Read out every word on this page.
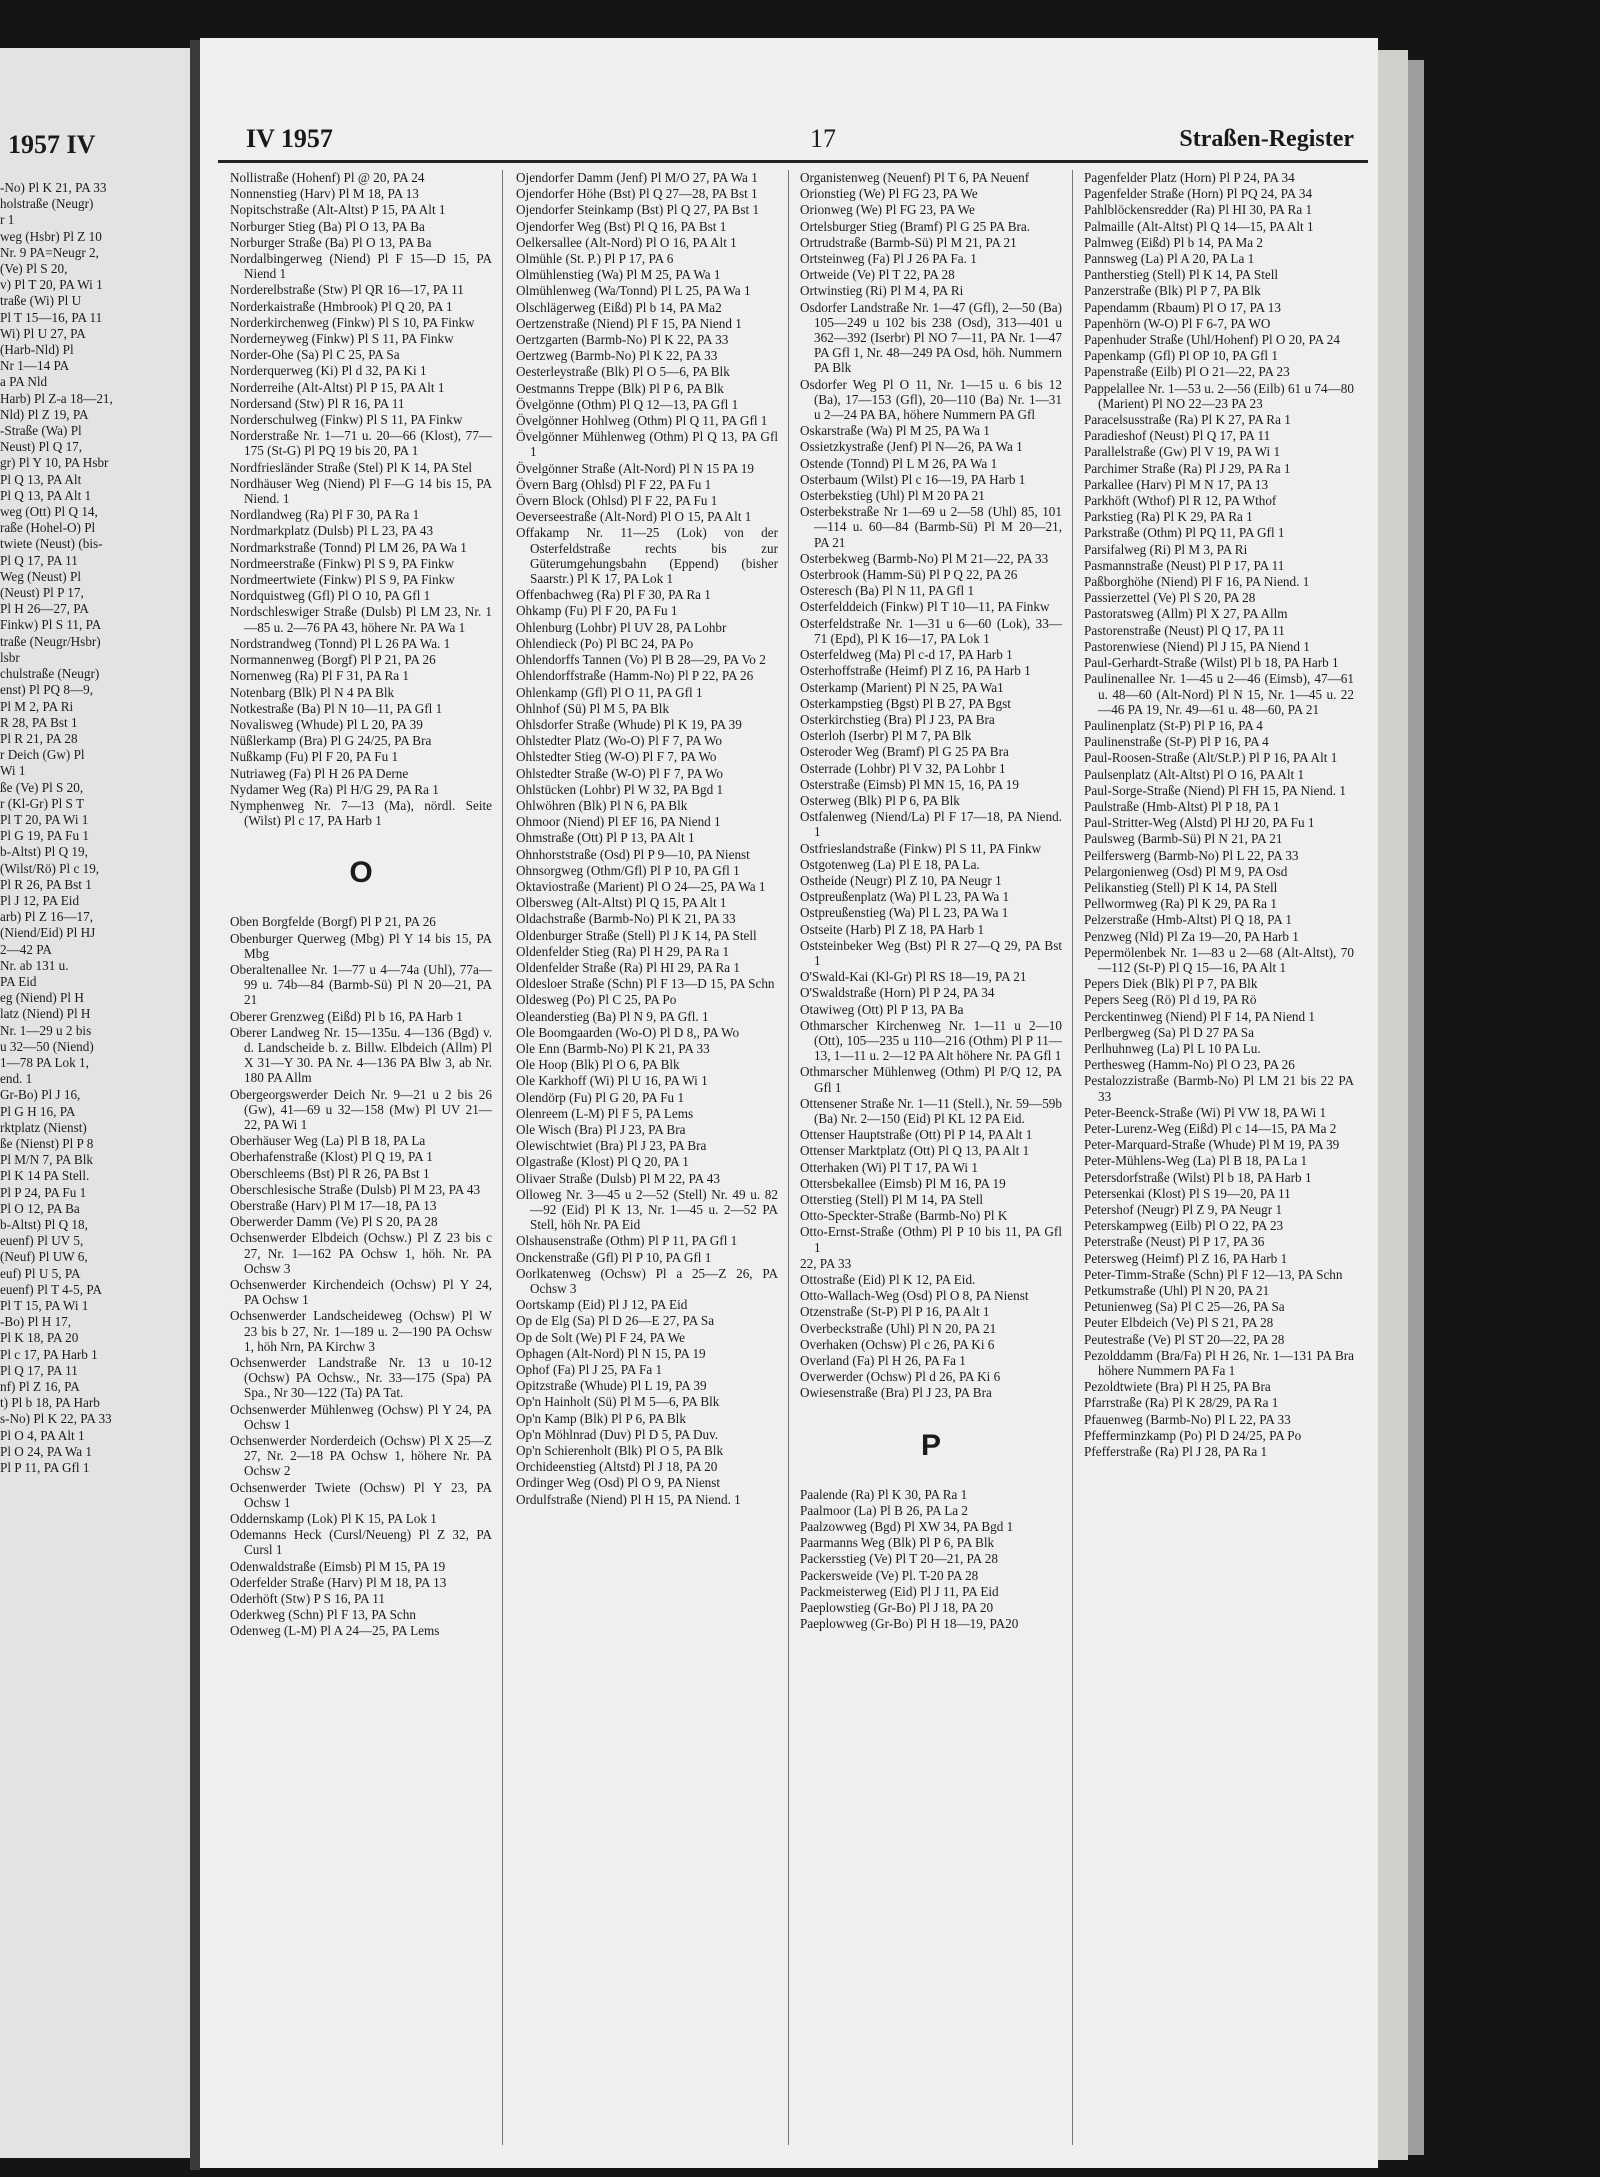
1957 IV
-No) Pl K 21, PA 33
holstraße (Neugr)
r 1
weg (Hsbr) Pl Z 10
Nr. 9 PA=Neugr 2,
(Ve) Pl S 20,
v) Pl T 20, PA Wi 1
traße (Wi) Pl U
Pl T 15—16, PA 11
Wi) Pl U 27, PA
(Harb-Nld) Pl
Nr 1—14 PA
a PA Nld
Harb) Pl Z-a 18—21,
Nld) Pl Z 19, PA
-Straße (Wa) Pl
Neust) Pl Q 17,
gr) Pl Y 10, PA Hsbr
Pl Q 13, PA Alt
Pl Q 13, PA Alt 1
weg (Ott) Pl Q 14,
raße (Hohel-O) Pl
twiete (Neust) (bis-
Pl Q 17, PA 11
Weg (Neust) Pl
(Neust) Pl P 17,
Pl H 26—27, PA
Finkw) Pl S 11, PA
traße (Neugr/Hsbr)
lsbr
chulstraße (Neugr)
enst) Pl PQ 8—9,
Pl M 2, PA Ri
R 28, PA Bst 1
Pl R 21, PA 28
r Deich (Gw) Pl
Wi 1
ße (Ve) Pl S 20,
r (Kl-Gr) Pl S T
Pl T 20, PA Wi 1
Pl G 19, PA Fu 1
b-Altst) Pl Q 19,
(Wilst/Rö) Pl c 19,
Pl R 26, PA Bst 1
Pl J 12, PA Eid
arb) Pl Z 16—17,
(Niend/Eid) Pl HJ
2—42 PA
Nr. ab 131 u.
PA Eid
eg (Niend) Pl H
latz (Niend) Pl H
Nr. 1—29 u 2 bis
u 32—50 (Niend)
1—78 PA Lok 1,
end. 1
Gr-Bo) Pl J 16,
Pl G H 16, PA
rktplatz (Nienst)
ße (Nienst) Pl P 8
Pl M/N 7, PA Blk
Pl K 14 PA Stell.
Pl P 24, PA Fu 1
Pl O 12, PA Ba
b-Altst) Pl Q 18,
euenf) Pl UV 5,
(Neuf) Pl UW 6,
euf) Pl U 5, PA
euenf) Pl T 4-5, PA
Pl T 15, PA Wi 1
-Bo) Pl H 17,
Pl K 18, PA 20
Pl c 17, PA Harb 1
Pl Q 17, PA 11
nf) Pl Z 16, PA
t) Pl b 18, PA Harb
s-No) Pl K 22, PA 33
Pl O 4, PA Alt 1
Pl O 24, PA Wa 1
Pl P 11, PA Gfl 1
IV 1957	17	Straßen-Register
Nollistraße (Hohenf) Pl @ 20, PA 24
Nonnenstieg (Harv) Pl M 18, PA 13
Nopitschstraße (Alt-Altst) P 15, PA Alt 1
Norburger Stieg (Ba) Pl O 13, PA Ba
Norburger Straße (Ba) Pl O 13, PA Ba
Nordalbingerweg (Niend) Pl F 15—D 15, PA Niend 1
Norderelbstraße (Stw) Pl QR 16—17, PA 11
Norderkaistraße (Hmbrook) Pl Q 20, PA 1
Norderkirchenweg (Finkw) Pl S 10, PA Finkw
Norderneyweg (Finkw) Pl S 11, PA Finkw
Norder-Ohe (Sa) Pl C 25, PA Sa
Norderquerweg (Ki) Pl d 32, PA Ki 1
Norderreihe (Alt-Altst) Pl P 15, PA Alt 1
Nordersand (Stw) Pl R 16, PA 11
Norderschulweg (Finkw) Pl S 11, PA Finkw
Norderstraße Nr. 1—71 u. 20—66 (Klost), 77—175 (St-G) Pl PQ 19 bis 20, PA 1
Nordfriesländer Straße (Stel) Pl K 14, PA Stel
Nordhäuser Weg (Niend) Pl F—G 14 bis 15, PA Niend. 1
Nordlandweg (Ra) Pl F 30, PA Ra 1
Nordmarkplatz (Dulsb) Pl L 23, PA 43
Nordmarkstraße (Tonnd) Pl LM 26, PA Wa 1
Nordmeerstraße (Finkw) Pl S 9, PA Finkw
Nordmeertwiete (Finkw) Pl S 9, PA Finkw
Nordquistweg (Gfl) Pl O 10, PA Gfl 1
Nordschleswiger Straße (Dulsb) Pl LM 23, Nr. 1—85 u. 2—76 PA 43, höhere Nr. PA Wa 1
Nordstrandweg (Tonnd) Pl L 26 PA Wa. 1
Normannenweg (Borgf) Pl P 21, PA 26
Nornenweg (Ra) Pl F 31, PA Ra 1
Notenbarg (Blk) Pl N 4 PA Blk
Notkestraße (Ba) Pl N 10—11, PA Gfl 1
Novalisweg (Whude) Pl L 20, PA 39
Nüßlerkamp (Bra) Pl G 24/25, PA Bra
Nußkamp (Fu) Pl F 20, PA Fu 1
Nutriaweg (Fa) Pl H 26 PA Derne
Nydamer Weg (Ra) Pl H/G 29, PA Ra 1
Nymphenweg Nr. 7—13 (Ma), nördl. Seite (Wilst) Pl c 17, PA Harb 1
O
Oben Borgfelde (Borgf) Pl P 21, PA 26
Obenburger Querweg (Mbg) Pl Y 14 bis 15, PA Mbg
Oberaltenallee Nr. 1—77 u 4—74a (Uhl), 77a—99 u. 74b—84 (Barmb-Sü) Pl N 20—21, PA 21
Oberer Grenzweg (Eißd) Pl b 16, PA Harb 1
Oberer Landweg Nr. 15—135u. 4—136 (Bgd) v. d. Landscheide b. z. Billw. Elbdeich (Allm) Pl X 31—Y 30. PA Nr. 4—136 PA Blw 3, ab Nr. 180 PA Allm
Obergeorgswerder Deich Nr. 9—21 u 2 bis 26 (Gw), 41—69 u 32—158 (Mw) Pl UV 21—22, PA Wi 1
Oberhäuser Weg (La) Pl B 18, PA La
Oberhafenstraße (Klost) Pl Q 19, PA 1
Oberschleems (Bst) Pl R 26, PA Bst 1
Oberschlesische Straße (Dulsb) Pl M 23, PA 43
Oberstraße (Harv) Pl M 17—18, PA 13
Oberwerder Damm (Ve) Pl S 20, PA 28
Ochsenwerder Elbdeich (Ochsw.) Pl Z 23 bis c 27, Nr. 1—162 PA Ochsw 1, höh. Nr. PA Ochsw 3
Ochsenwerder Kirchendeich (Ochsw) Pl Y 24, PA Ochsw 1
Ochsenwerder Landscheideweg (Ochsw) Pl W 23 bis b 27, Nr. 1—189 u. 2—190 PA Ochsw 1, höh Nrn, PA Kirchw 3
Ochsenwerder Landstraße Nr. 13 u 10-12 (Ochsw) PA Ochsw., Nr. 33—175 (Spa) PA Spa., Nr 30—122 (Ta) PA Tat.
Ochsenwerder Mühlenweg (Ochsw) Pl Y 24, PA Ochsw 1
Ochsenwerder Norderdeich (Ochsw) Pl X 25—Z 27, Nr. 2—18 PA Ochsw 1, höhere Nr. PA Ochsw 2
Ochsenwerder Twiete (Ochsw) Pl Y 23, PA Ochsw 1
Oddernskamp (Lok) Pl K 15, PA Lok 1
Odemanns Heck (Cursl/Neueng) Pl Z 32, PA Cursl 1
Odenwaldstraße (Eimsb) Pl M 15, PA 19
Oderfelder Straße (Harv) Pl M 18, PA 13
Oderhöft (Stw) P S 16, PA 11
Oderkweg (Schn) Pl F 13, PA Schn
Odenweg (L-M) Pl A 24—25, PA Lems
Ojendorfer Damm (Jenf) Pl M/O 27, PA Wa 1
Ojendorfer Höhe (Bst) Pl Q 27—28, PA Bst 1
Ojendorfer Steinkamp (Bst) Pl Q 27, PA Bst 1
Ojendorfer Weg (Bst) Pl Q 16, PA Bst 1
Oelkersallee (Alt-Nord) Pl O 16, PA Alt 1
Olmühle (St. P.) Pl P 17, PA 6
Olmühlenstieg (Wa) Pl M 25, PA Wa 1
Olmühlenweg (Wa/Tonnd) Pl L 25, PA Wa 1
Olschlägerweg (Eißd) Pl b 14, PA Ma2
Oertzenstraße (Niend) Pl F 15, PA Niend 1
Oertzgarten (Barmb-No) Pl K 22, PA 33
Oertzweg (Barmb-No) Pl K 22, PA 33
Oesterleystraße (Blk) Pl O 5—6, PA Blk
Oestmanns Treppe (Blk) Pl P 6, PA Blk
Övelgönne (Othm) Pl Q 12—13, PA Gfl 1
Övelgönner Hohlweg (Othm) Pl Q 11, PA Gfl 1
Övelgönner Mühlenweg (Othm) Pl Q 13, PA Gfl 1
Övelgönner Straße (Alt-Nord) Pl N 15 PA 19
Övern Barg (Ohlsd) Pl F 22, PA Fu 1
Övern Block (Ohlsd) Pl F 22, PA Fu 1
Oeverseestraße (Alt-Nord) Pl O 15, PA Alt 1
Offakamp Nr. 11—25 (Lok) von der Osterfeldstraße rechts bis zur Güterumgehungsbahn (Eppend) (bisher Saarstr.) Pl K 17, PA Lok 1
Offenbachweg (Ra) Pl F 30, PA Ra 1
Ohkamp (Fu) Pl F 20, PA Fu 1
Ohlenburg (Lohbr) Pl UV 28, PA Lohbr
Ohlendieck (Po) Pl BC 24, PA Po
Ohlendorffs Tannen (Vo) Pl B 28—29, PA Vo 2
Ohlendorffstraße (Hamm-No) Pl P 22, PA 26
Ohlenkamp (Gfl) Pl O 11, PA Gfl 1
Ohlnhof (Sü) Pl M 5, PA Blk
Ohlsdorfer Straße (Whude) Pl K 19, PA 39
Ohlstedter Platz (Wo-O) Pl F 7, PA Wo
Ohlstedter Stieg (W-O) Pl F 7, PA Wo
Ohlstedter Straße (W-O) Pl F 7, PA Wo
Ohlstücken (Lohbr) Pl W 32, PA Bgd 1
Ohlwöhren (Blk) Pl N 6, PA Blk
Ohmoor (Niend) Pl EF 16, PA Niend 1
Ohmstraße (Ott) Pl P 13, PA Alt 1
Ohnhorststraße (Osd) Pl P 9—10, PA Nienst
Ohnsorgweg (Othm/Gfl) Pl P 10, PA Gfl 1
Oktaviostraße (Marient) Pl O 24—25, PA Wa 1
Olbersweg (Alt-Altst) Pl Q 15, PA Alt 1
Oldachstraße (Barmb-No) Pl K 21, PA 33
Oldenburger Straße (Stell) Pl J K 14, PA Stell
Oldenfelder Stieg (Ra) Pl H 29, PA Ra 1
Oldenfelder Straße (Ra) Pl HI 29, PA Ra 1
Oldesloer Straße (Schn) Pl F 13—D 15, PA Schn
Oldesweg (Po) Pl C 25, PA Po
Oleanderstieg (Ba) Pl N 9, PA Gfl. 1
Ole Boomgaarden (Wo-O) Pl D 8,, PA Wo
Ole Enn (Barmb-No) Pl K 21, PA 33
Ole Hoop (Blk) Pl O 6, PA Blk
Ole Karkhoff (Wi) Pl U 16, PA Wi 1
Olendörp (Fu) Pl G 20, PA Fu 1
Olenreem (L-M) Pl F 5, PA Lems
Ole Wisch (Bra) Pl J 23, PA Bra
Olewischtwiet (Bra) Pl J 23, PA Bra
Olgastraße (Klost) Pl Q 20, PA 1
Olivaer Straße (Dulsb) Pl M 22, PA 43
Olloweg Nr. 3—45 u 2—52 (Stell) Nr. 49 u. 82—92 (Eid) Pl K 13, Nr. 1—45 u. 2—52 PA Stell, höh Nr. PA Eid
Olshausenstraße (Othm) Pl P 11, PA Gfl 1
Onckenstraße (Gfl) Pl P 10, PA Gfl 1
Oorlkatenweg (Ochsw) Pl a 25—Z 26, PA Ochsw 3
Oortskamp (Eid) Pl J 12, PA Eid
Op de Elg (Sa) Pl D 26—E 27, PA Sa
Op de Solt (We) Pl F 24, PA We
Ophagen (Alt-Nord) Pl N 15, PA 19
Ophof (Fa) Pl J 25, PA Fa 1
Opitzstraße (Whude) Pl L 19, PA 39
Op'n Hainholt (Sü) Pl M 5—6, PA Blk
Op'n Kamp (Blk) Pl P 6, PA Blk
Op'n Möhlnrad (Duv) Pl D 5, PA Duv.
Op'n Schierenholt (Blk) Pl O 5, PA Blk
Orchideenstieg (Altstd) Pl J 18, PA 20
Ordinger Weg (Osd) Pl O 9, PA Nienst
Ordulfstraße (Niend) Pl H 15, PA Niend. 1
Organistenweg (Neuenf) Pl T 6, PA Neuenf
Orionstieg (We) Pl FG 23, PA We
Orionweg (We) Pl FG 23, PA We
Ortelsburger Stieg (Bramf) Pl G 25 PA Bra.
Ortrudstraße (Barmb-Sü) Pl M 21, PA 21
Ortsteinweg (Fa) Pl J 26 PA Fa. 1
Ortweide (Ve) Pl T 22, PA 28
Ortwinstieg (Ri) Pl M 4, PA Ri
Osdorfer Landstraße Nr. 1—47 (Gfl), 2—50 (Ba) 105—249 u 102 bis 238 (Osd), 313—401 u 362—392 (Iserbr) Pl NO 7—11, PA Nr. 1—47 PA Gfl 1, Nr. 48—249 PA Osd, höh. Nummern PA Blk
Osdorfer Weg Pl O 11, Nr. 1—15 u. 6 bis 12 (Ba), 17—153 (Gfl), 20—110 (Ba) Nr. 1—31 u 2—24 PA BA, höhere Nummern PA Gfl
Oskarstraße (Wa) Pl M 25, PA Wa 1
Ossietzkystraße (Jenf) Pl N—26, PA Wa 1
Ostende (Tonnd) Pl L M 26, PA Wa 1
Osterbaum (Wilst) Pl c 16—19, PA Harb 1
Osterbekstieg (Uhl) Pl M 20 PA 21
Osterbekstraße Nr 1—69 u 2—58 (Uhl) 85, 101—114 u. 60—84 (Barmb-Sü) Pl M 20—21, PA 21
Osterbekweg (Barmb-No) Pl M 21—22, PA 33
Osterbrook (Hamm-Sü) Pl P Q 22, PA 26
Osteresch (Ba) Pl N 11, PA Gfl 1
Osterfelddeich (Finkw) Pl T 10—11, PA Finkw
Osterfeldstraße Nr. 1—31 u 6—60 (Lok), 33—71 (Epd), Pl K 16—17, PA Lok 1
Osterfeldweg (Ma) Pl c-d 17, PA Harb 1
Osterhoffstraße (Heimf) Pl Z 16, PA Harb 1
Osterkamp (Marient) Pl N 25, PA Wa1
Osterkampstieg (Bgst) Pl B 27, PA Bgst
Osterkirchstieg (Bra) Pl J 23, PA Bra
Osterloh (Iserbr) Pl M 7, PA Blk
Osteroder Weg (Bramf) Pl G 25 PA Bra
Osterrade (Lohbr) Pl V 32, PA Lohbr 1
Osterstraße (Eimsb) Pl MN 15, 16, PA 19
Osterweg (Blk) Pl P 6, PA Blk
Ostfalenweg (Niend/La) Pl F 17—18, PA Niend. 1
Ostfrieslandstraße (Finkw) Pl S 11, PA Finkw
Ostgotenweg (La) Pl E 18, PA La.
Ostheide (Neugr) Pl Z 10, PA Neugr 1
Ostpreußenplatz (Wa) Pl L 23, PA Wa 1
Ostpreußenstieg (Wa) Pl L 23, PA Wa 1
Ostseite (Harb) Pl Z 18, PA Harb 1
Oststeinbeker Weg (Bst) Pl R 27—Q 29, PA Bst 1
O'Swald-Kai (Kl-Gr) Pl RS 18—19, PA 21
O'Swaldstraße (Horn) Pl P 24, PA 34
Otawiweg (Ott) Pl P 13, PA Ba
Othmarscher Kirchenweg Nr. 1—11 u 2—10 (Ott), 105—235 u 110—216 (Othm) Pl P 11—13, 1—11 u. 2—12 PA Alt höhere Nr. PA Gfl 1
Othmarscher Mühlenweg (Othm) Pl P/Q 12, PA Gfl 1
Ottensener Straße Nr. 1—11 (Stell.), Nr. 59—59b (Ba) Nr. 2—150 (Eid) Pl KL 12 PA Eid.
Ottenser Hauptstraße (Ott) Pl P 14, PA Alt 1
Ottenser Marktplatz (Ott) Pl Q 13, PA Alt 1
Otterhaken (Wi) Pl T 17, PA Wi 1
Ottersbekallee (Eimsb) Pl M 16, PA 19
Otterstieg (Stell) Pl M 14, PA Stell
Otto-Speckter-Straße (Barmb-No) Pl K
Otto-Ernst-Straße (Othm) Pl P 10 bis 11, PA Gfl 1
22, PA 33
Ottostraße (Eid) Pl K 12, PA Eid.
Otto-Wallach-Weg (Osd) Pl O 8, PA Nienst
Otzenstraße (St-P) Pl P 16, PA Alt 1
Overbeckstraße (Uhl) Pl N 20, PA 21
Overhaken (Ochsw) Pl c 26, PA Ki 6
Overland (Fa) Pl H 26, PA Fa 1
Overwerder (Ochsw) Pl d 26, PA Ki 6
Owiesenstraße (Bra) Pl J 23, PA Bra
P
Paalende (Ra) Pl K 30, PA Ra 1
Paalmoor (La) Pl B 26, PA La 2
Paalzowweg (Bgd) Pl XW 34, PA Bgd 1
Paarmanns Weg (Blk) Pl P 6, PA Blk
Packersstieg (Ve) Pl T 20—21, PA 28
Packersweide (Ve) Pl. T-20 PA 28
Packmeisterweg (Eid) Pl J 11, PA Eid
Paeplowstieg (Gr-Bo) Pl J 18, PA 20
Paeplowweg (Gr-Bo) Pl H 18—19, PA20
Pagenfelder Platz (Horn) Pl P 24, PA 34
Pagenfelder Straße (Horn) Pl PQ 24, PA 34
Pahlblöckensredder (Ra) Pl HI 30, PA Ra 1
Palmaille (Alt-Altst) Pl Q 14—15, PA Alt 1
Palmweg (Eißd) Pl b 14, PA Ma 2
Pannsweg (La) Pl A 20, PA La 1
Pantherstieg (Stell) Pl K 14, PA Stell
Panzerstraße (Blk) Pl P 7, PA Blk
Papendamm (Rbaum) Pl O 17, PA 13
Papenhörn (W-O) Pl F 6-7, PA WO
Papenhuder Straße (Uhl/Hohenf) Pl O 20, PA 24
Papenkamp (Gfl) Pl OP 10, PA Gfl 1
Papenstraße (Eilb) Pl O 21—22, PA 23
Pappelallee Nr. 1—53 u. 2—56 (Eilb) 61 u 74—80 (Marient) Pl NO 22—23 PA 23
Paracelsusstraße (Ra) Pl K 27, PA Ra 1
Paradieshof (Neust) Pl Q 17, PA 11
Parallelstraße (Gw) Pl V 19, PA Wi 1
Parchimer Straße (Ra) Pl J 29, PA Ra 1
Parkallee (Harv) Pl M N 17, PA 13
Parkhöft (Wthof) Pl R 12, PA Wthof
Parkstieg (Ra) Pl K 29, PA Ra 1
Parkstraße (Othm) Pl PQ 11, PA Gfl 1
Parsifalweg (Ri) Pl M 3, PA Ri
Pasmannstraße (Neust) Pl P 17, PA 11
Paßborghöhe (Niend) Pl F 16, PA Niend. 1
Passierzettel (Ve) Pl S 20, PA 28
Pastoratsweg (Allm) Pl X 27, PA Allm
Pastorenstraße (Neust) Pl Q 17, PA 11
Pastorenwiese (Niend) Pl J 15, PA Niend 1
Paul-Gerhardt-Straße (Wilst) Pl b 18, PA Harb 1
Paulinenallee Nr. 1—45 u 2—46 (Eimsb), 47—61 u. 48—60 (Alt-Nord) Pl N 15, Nr. 1—45 u. 22—46 PA 19, Nr. 49—61 u. 48—60, PA 21
Paulinenplatz (St-P) Pl P 16, PA 4
Paulinenstraße (St-P) Pl P 16, PA 4
Paul-Roosen-Straße (Alt/St.P.) Pl P 16, PA Alt 1
Paulsenplatz (Alt-Altst) Pl O 16, PA Alt 1
Paul-Sorge-Straße (Niend) Pl FH 15, PA Niend. 1
Paulstraße (Hmb-Altst) Pl P 18, PA 1
Paul-Stritter-Weg (Alstd) Pl HJ 20, PA Fu 1
Paulsweg (Barmb-Sü) Pl N 21, PA 21
Peilferswerg (Barmb-No) Pl L 22, PA 33
Pelargonienweg (Osd) Pl M 9, PA Osd
Pelikanstieg (Stell) Pl K 14, PA Stell
Pellwormweg (Ra) Pl K 29, PA Ra 1
Pelzerstraße (Hmb-Altst) Pl Q 18, PA 1
Penzweg (Nld) Pl Za 19—20, PA Harb 1
Pepermölenbek Nr. 1—83 u 2—68 (Alt-Altst), 70—112 (St-P) Pl Q 15—16, PA Alt 1
Pepers Diek (Blk) Pl P 7, PA Blk
Pepers Seeg (Rö) Pl d 19, PA Rö
Perckentinweg (Niend) Pl F 14, PA Niend 1
Perlbergweg (Sa) Pl D 27 PA Sa
Perlhuhnweg (La) Pl L 10 PA Lu.
Perthesweg (Hamm-No) Pl O 23, PA 26
Pestalozzistraße (Barmb-No) Pl LM 21 bis 22 PA 33
Peter-Beenck-Straße (Wi) Pl VW 18, PA Wi 1
Peter-Lurenz-Weg (Eißd) Pl c 14—15, PA Ma 2
Peter-Marquard-Straße (Whude) Pl M 19, PA 39
Peter-Mühlens-Weg (La) Pl B 18, PA La 1
Petersdorfstraße (Wilst) Pl b 18, PA Harb 1
Petersenkai (Klost) Pl S 19—20, PA 11
Petershof (Neugr) Pl Z 9, PA Neugr 1
Peterskampweg (Eilb) Pl O 22, PA 23
Peterstraße (Neust) Pl P 17, PA 36
Petersweg (Heimf) Pl Z 16, PA Harb 1
Peter-Timm-Straße (Schn) Pl F 12—13, PA Schn
Petkumstraße (Uhl) Pl N 20, PA 21
Petunienweg (Sa) Pl C 25—26, PA Sa
Peuter Elbdeich (Ve) Pl S 21, PA 28
Peutestraße (Ve) Pl ST 20—22, PA 28
Pezolddamm (Bra/Fa) Pl H 26, Nr. 1—131 PA Bra höhere Nummern PA Fa 1
Pezoldtwiete (Bra) Pl H 25, PA Bra
Pfarrstraße (Ra) Pl K 28/29, PA Ra 1
Pfauenweg (Barmb-No) Pl L 22, PA 33
Pfefferminzkamp (Po) Pl D 24/25, PA Po
Pfefferstraße (Ra) Pl J 28, PA Ra 1
